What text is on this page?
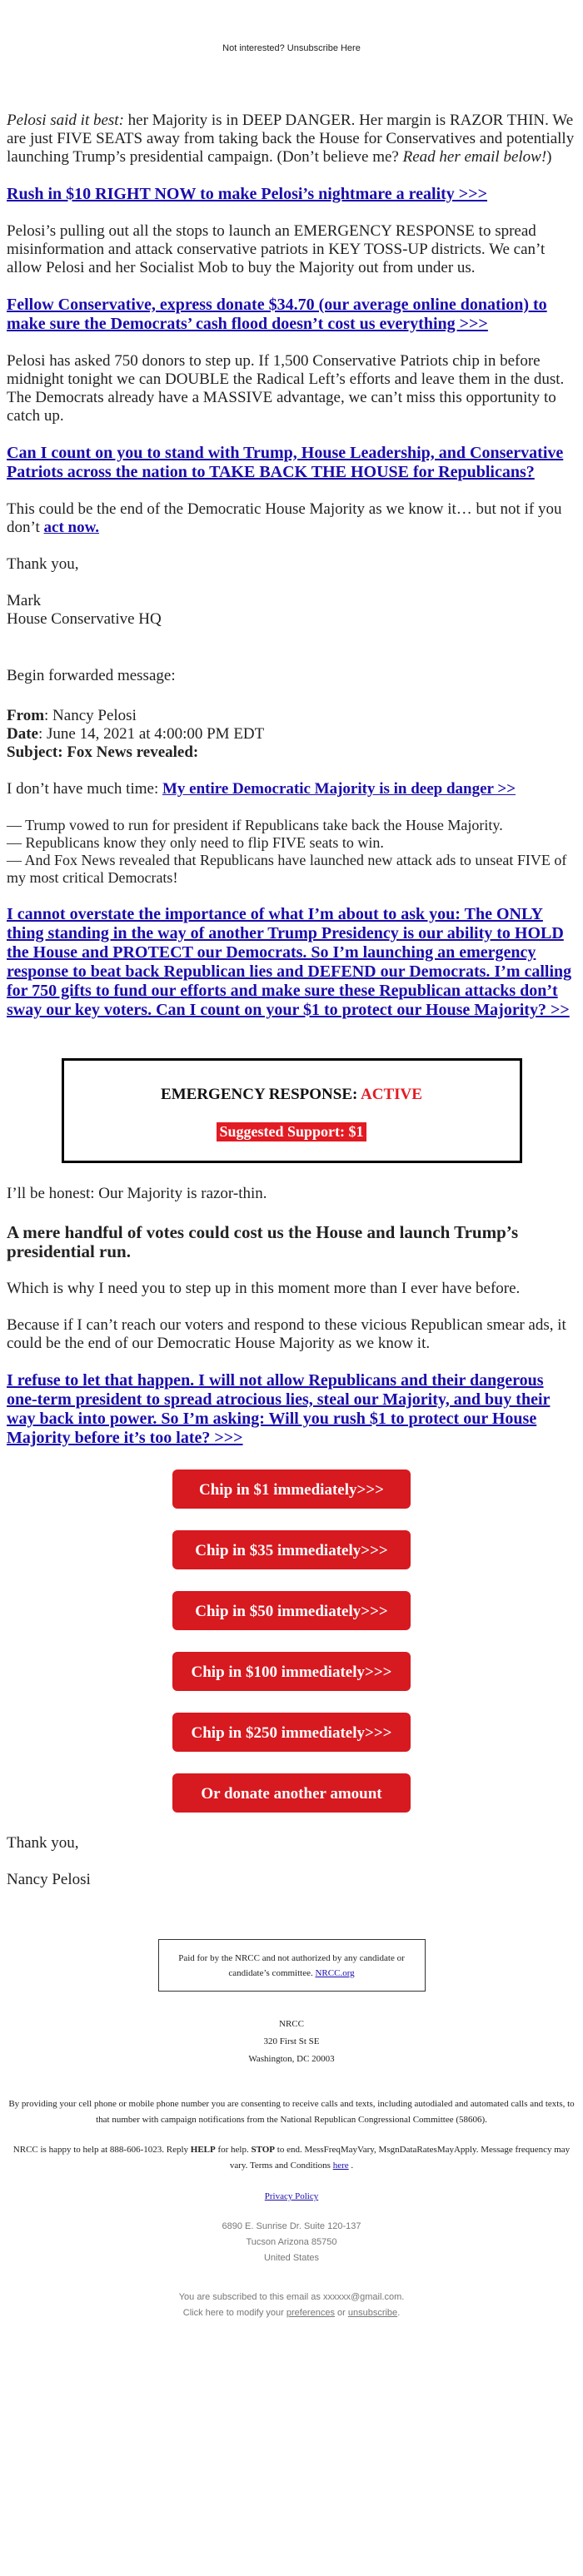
Not interested? Unsubscribe Here

Pelosi said it best: her Majority is in DEEP DANGER. Her margin is RAZOR THIN. We are just FIVE SEATS away from taking back the House for Conservatives and potentially launching Trump’s presidential campaign. (Don’t believe me? Read her email below!)

Rush in $10 RIGHT NOW to make Pelosi’s nightmare a reality >>>

Pelosi’s pulling out all the stops to launch an EMERGENCY RESPONSE to spread misinformation and attack conservative patriots in KEY TOSS-UP districts. We can’t allow Pelosi and her Socialist Mob to buy the Majority out from under us.

Fellow Conservative, express donate $34.70 (our average online donation) to make sure the Democrats’ cash flood doesn’t cost us everything >>>

Pelosi has asked 750 donors to step up. If 1,500 Conservative Patriots chip in before midnight tonight we can DOUBLE the Radical Left’s efforts and leave them in the dust. The Democrats already have a MASSIVE advantage, we can’t miss this opportunity to catch up.

Can I count on you to stand with Trump, House Leadership, and Conservative Patriots across the nation to TAKE BACK THE HOUSE for Republicans?

This could be the end of the Democratic House Majority as we know it… but not if you don’t act now.

Thank you,

Mark

House Conservative HQ

Begin forwarded message:

From: Nancy Pelosi

Date: June 14, 2021 at 4:00:00 PM EDT

Subject: Fox News revealed:

I don’t have much time: My entire Democratic Majority is in deep danger >>

— Trump vowed to run for president if Republicans take back the House Majority.

— Republicans know they only need to flip FIVE seats to win.

— And Fox News revealed that Republicans have launched new attack ads to unseat FIVE of my most critical Democrats!

I cannot overstate the importance of what I’m about to ask you: The ONLY thing standing in the way of another Trump Presidency is our ability to HOLD the House and PROTECT our Democrats. So I’m launching an emergency response to beat back Republican lies and DEFEND our Democrats. I’m calling for 750 gifts to fund our efforts and make sure these Republican attacks don’t sway our key voters. Can I count on your $1 to protect our House Majority? >>

EMERGENCY RESPONSE: ACTIVE
Suggested Support: $1

I’ll be honest: Our Majority is razor-thin.

A mere handful of votes could cost us the House and launch Trump’s presidential run.

Which is why I need you to step up in this moment more than I ever have before.

Because if I can’t reach our voters and respond to these vicious Republican smear ads, it could be the end of our Democratic House Majority as we know it.

I refuse to let that happen. I will not allow Republicans and their dangerous one-term president to spread atrocious lies, steal our Majority, and buy their way back into power. So I’m asking: Will you rush $1 to protect our House Majority before it’s too late? >>>

Chip in $1 immediately>>>
Chip in $35 immediately>>>
Chip in $50 immediately>>>
Chip in $100 immediately>>>
Chip in $250 immediately>>>
Or donate another amount

Thank you,

Nancy Pelosi

Paid for by the NRCC and not authorized by any candidate or candidate’s committee. NRCC.org
NRCC
320 First St SE
Washington, DC 20003
By providing your cell phone or mobile phone number you are consenting to receive calls and texts, including autodialed and automated calls and texts, to that number with campaign notifications from the National Republican Congressional Committee (58606).
NRCC is happy to help at 888-606-1023. Reply HELP for help. STOP to end. MessFreqMayVary, MsgnDataRatesMayApply. Message frequency may vary. Terms and Conditions here .
Privacy Policy
6890 E. Sunrise Dr. Suite 120-137
Tucson Arizona 85750
United States
You are subscribed to this email as xxxxxx@gmail.com.
Click here to modify your preferences or unsubscribe.
